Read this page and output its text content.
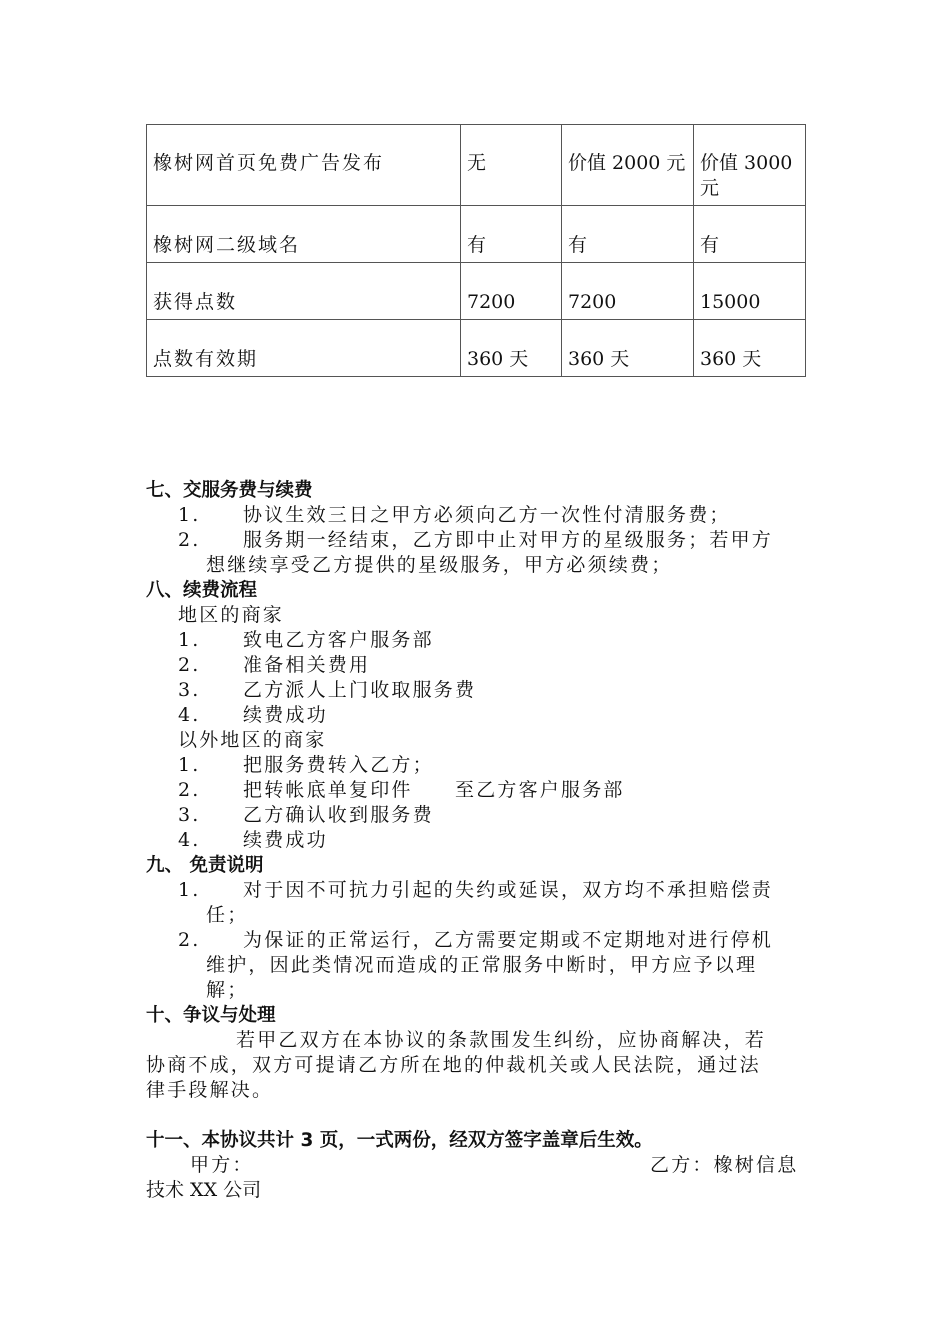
橡树网首页免费广告发布	无	价值 2000 元	价值 3000 元
橡树网二级域名	有	有	有
获得点数	7200	7200	15000
点数有效期	360 天	360 天	360 天
七、交服务费与续费
1. 协议生效三日之甲方必须向乙方一次性付清服务费；
2. 服务期一经结束，乙方即中止对甲方的星级服务；若甲方
想继续享受乙方提供的星级服务，甲方必须续费；
八、续费流程
地区的商家
1. 致电乙方客户服务部
2. 准备相关费用
3. 乙方派人上门收取服务费
4. 续费成功
以外地区的商家
1. 把服务费转入乙方；
2. 把转帐底单复印件　　至乙方客户服务部
3. 乙方确认收到服务费
4. 续费成功
九、 免责说明
1. 对于因不可抗力引起的失约或延误，双方均不承担赔偿责
任；
2. 为保证的正常运行，乙方需要定期或不定期地对进行停机
维护，因此类情况而造成的正常服务中断时，甲方应予以理
解；
十、争议与处理
若甲乙双方在本协议的条款围发生纠纷，应协商解决，若
协商不成，双方可提请乙方所在地的仲裁机关或人民法院，通过法
律手段解决。
十一、本协议共计 3 页，一式两份，经双方签字盖章后生效。
甲方：	乙方：橡树信息
技术 XX 公司
